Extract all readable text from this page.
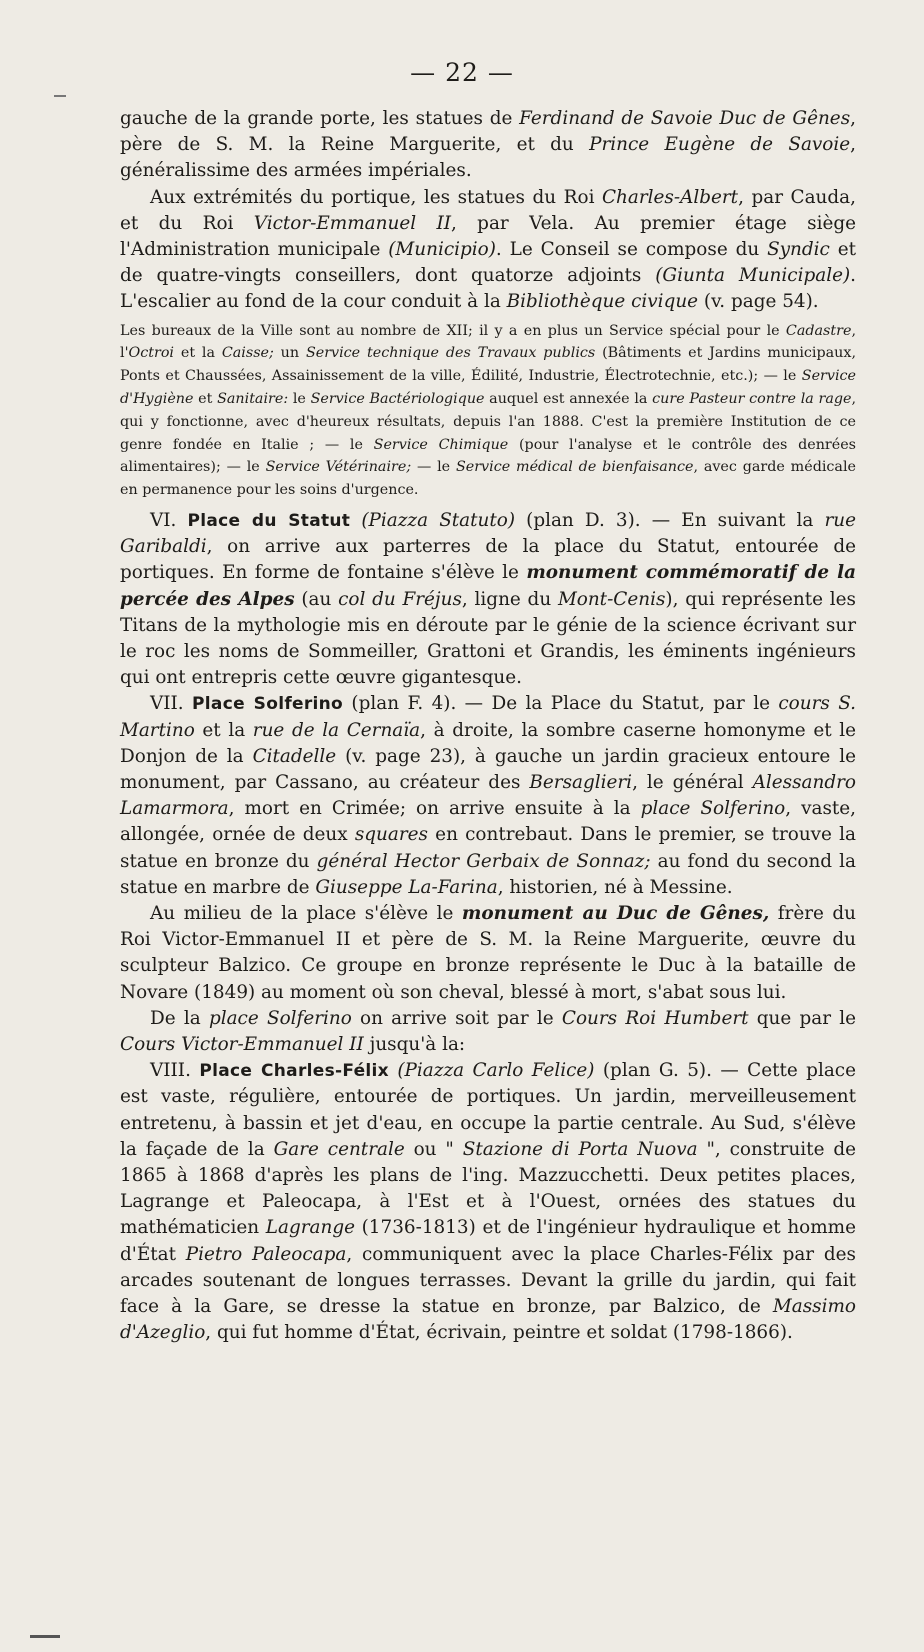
— 22 —

gauche de la grande porte, les statues de Ferdinand de Savoie Duc de Gênes, père de S. M. la Reine Marguerite, et du Prince Eugène de Savoie, généralissime des armées impériales.

Aux extrémités du portique, les statues du Roi Charles-Albert, par Cauda, et du Roi Victor-Emmanuel II, par Vela. Au premier étage siège l'Administration municipale (Municipio). Le Conseil se compose du Syndic et de quatre-vingts conseillers, dont quatorze adjoints (Giunta Municipale). L'escalier au fond de la cour conduit à la Bibliothèque civique (v. page 54).

Les bureaux de la Ville sont au nombre de XII; il y a en plus un Service spécial pour le Cadastre, l'Octroi et la Caisse; un Service technique des Travaux publics (Bâtiments et Jardins municipaux, Ponts et Chaussées, Assainissement de la ville, Édilité, Industrie, Électrotechnie, etc.); — le Service d'Hygiène et Sanitaire: le Service Bactériologique auquel est annexée la cure Pasteur contre la rage, qui y fonctionne, avec d'heureux résultats, depuis l'an 1888. C'est la première Institution de ce genre fondée en Italie ; — le Service Chimique (pour l'analyse et le contrôle des denrées alimentaires); — le Service Vétérinaire; — le Service médical de bienfaisance, avec garde médicale en permanence pour les soins d'urgence.

VI. Place du Statut (Piazza Statuto) (plan D. 3). — En suivant la rue Garibaldi, on arrive aux parterres de la place du Statut, entourée de portiques. En forme de fontaine s'élève le monument commémoratif de la percée des Alpes (au col du Fréjus, ligne du Mont-Cenis), qui représente les Titans de la mythologie mis en déroute par le génie de la science écrivant sur le roc les noms de Sommeiller, Grattoni et Grandis, les éminents ingénieurs qui ont entrepris cette œuvre gigantesque.

VII. Place Solferino (plan F. 4). — De la Place du Statut, par le cours S. Martino et la rue de la Cernaïa, à droite, la sombre caserne homonyme et le Donjon de la Citadelle (v. page 23), à gauche un jardin gracieux entoure le monument, par Cassano, au créateur des Bersaglieri, le général Alessandro Lamarmora, mort en Crimée; on arrive ensuite à la place Solferino, vaste, allongée, ornée de deux squares en contrebaut. Dans le premier, se trouve la statue en bronze du général Hector Gerbaix de Sonnaz; au fond du second la statue en marbre de Giuseppe La-Farina, historien, né à Messine.

Au milieu de la place s'élève le monument au Duc de Gênes, frère du Roi Victor-Emmanuel II et père de S. M. la Reine Marguerite, œuvre du sculpteur Balzico. Ce groupe en bronze représente le Duc à la bataille de Novare (1849) au moment où son cheval, blessé à mort, s'abat sous lui.

De la place Solferino on arrive soit par le Cours Roi Humbert que par le Cours Victor-Emmanuel II jusqu'à la:

VIII. Place Charles-Félix (Piazza Carlo Felice) (plan G. 5). — Cette place est vaste, régulière, entourée de portiques. Un jardin, merveilleusement entretenu, à bassin et jet d'eau, en occupe la partie centrale. Au Sud, s'élève la façade de la Gare centrale ou " Stazione di Porta Nuova ", construite de 1865 à 1868 d'après les plans de l'ing. Mazzucchetti. Deux petites places, Lagrange et Paleocapa, à l'Est et à l'Ouest, ornées des statues du mathématicien Lagrange (1736-1813) et de l'ingénieur hydraulique et homme d'État Pietro Paleocapa, communiquent avec la place Charles-Félix par des arcades soutenant de longues terrasses. Devant la grille du jardin, qui fait face à la Gare, se dresse la statue en bronze, par Balzico, de Massimo d'Azeglio, qui fut homme d'État, écrivain, peintre et soldat (1798-1866).
